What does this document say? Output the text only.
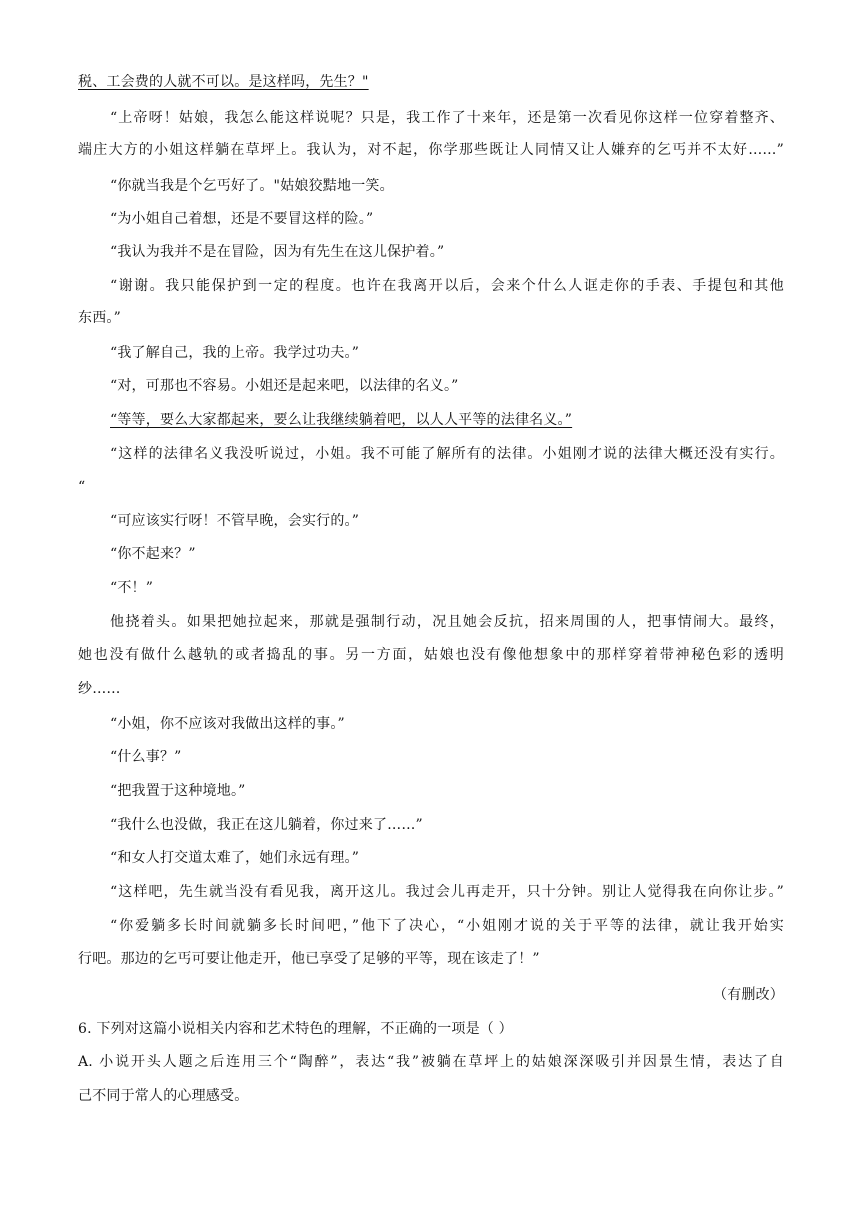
税、工会费的人就不可以。是这样吗，先生？"
“上帝呀！姑娘，我怎么能这样说呢？只是，我工作了十来年，还是第一次看见你这样一位穿着整齐、
端庄大方的小姐这样躺在草坪上。我认为，对不起，你学那些既让人同情又让人嫌弃的乞丐并不太好……”
“你就当我是个乞丐好了。"姑娘狡黠地一笑。
“为小姐自己着想，还是不要冒这样的险。”
“我认为我并不是在冒险，因为有先生在这儿保护着。”
“谢谢。我只能保护到一定的程度。也许在我离开以后，会来个什么人诓走你的手表、手提包和其他
东西。”
“我了解自己，我的上帝。我学过功夫。”
“对，可那也不容易。小姐还是起来吧，以法律的名义。”
“等等，要么大家都起来，要么让我继续躺着吧，以人人平等的法律名义。”
“这样的法律名义我没听说过，小姐。我不可能了解所有的法律。小姐刚才说的法律大概还没有实行。
“
“可应该实行呀！不管早晚，会实行的。”
“你不起来？”
“不！”
他挠着头。如果把她拉起来，那就是强制行动，况且她会反抗，招来周围的人，把事情闹大。最终，
她也没有做什么越轨的或者捣乱的事。另一方面，姑娘也没有像他想象中的那样穿着带神秘色彩的透明
纱……
“小姐，你不应该对我做出这样的事。”
“什么事？”
“把我置于这种境地。”
“我什么也没做，我正在这儿躺着，你过来了……”
“和女人打交道太难了，她们永远有理。”
“这样吧，先生就当没有看见我，离开这儿。我过会儿再走开，只十分钟。别让人觉得我在向你让步。”
“你爱躺多长时间就躺多长时间吧，”他下了决心，“小姐刚才说的关于平等的法律，就让我开始实
行吧。那边的乞丐可要让他走开，他已享受了足够的平等，现在该走了！”
（有删改）
6. 下列对这篇小说相关内容和艺术特色的理解，不正确的一项是（ ）
A. 小说开头人题之后连用三个“陶醉”，表达“我”被躺在草坪上的姑娘深深吸引并因景生情，表达了自
己不同于常人的心理感受。
